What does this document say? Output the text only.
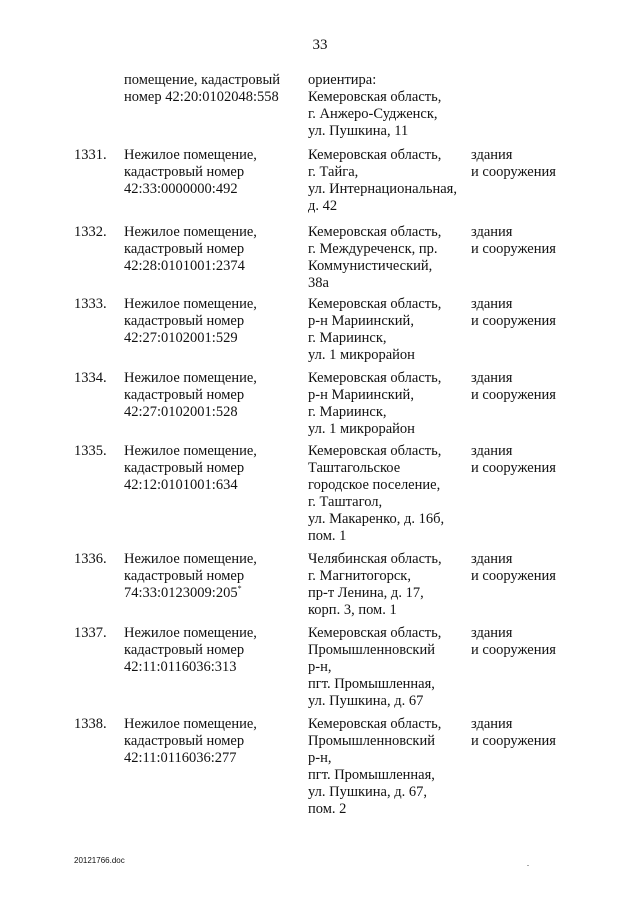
33
помещение, кадастровый
номер 42:20:0102048:558
ориентира:
Кемеровская область,
г. Анжеро-Судженск,
ул. Пушкина, 11
1331. Нежилое помещение,
кадастровый номер
42:33:0000000:492
Кемеровская область,
г. Тайга,
ул. Интернациональная,
д. 42
здания
и сооружения
1332. Нежилое помещение,
кадастровый номер
42:28:0101001:2374
Кемеровская область,
г. Междуреченск, пр.
Коммунистический,
38а
здания
и сооружения
1333. Нежилое помещение,
кадастровый номер
42:27:0102001:529
Кемеровская область,
р-н Мариинский,
г. Мариинск,
ул. 1 микрорайон
здания
и сооружения
1334. Нежилое помещение,
кадастровый номер
42:27:0102001:528
Кемеровская область,
р-н Мариинский,
г. Мариинск,
ул. 1 микрорайон
здания
и сооружения
1335. Нежилое помещение,
кадастровый номер
42:12:0101001:634
Кемеровская область,
Таштагольское
городское поселение,
г. Таштагол,
ул. Макаренко, д. 16б,
пом. 1
здания
и сооружения
1336. Нежилое помещение,
кадастровый номер
74:33:0123009:205*
Челябинская область,
г. Магнитогорск,
пр-т Ленина, д. 17,
корп. 3, пом. 1
здания
и сооружения
1337. Нежилое помещение,
кадастровый номер
42:11:0116036:313
Кемеровская область,
Промышленновский
р-н,
пгт. Промышленная,
ул. Пушкина, д. 67
здания
и сооружения
1338. Нежилое помещение,
кадастровый номер
42:11:0116036:277
Кемеровская область,
Промышленновский
р-н,
пгт. Промышленная,
ул. Пушкина, д. 67,
пом. 2
здания
и сооружения
20121766.doc	.
